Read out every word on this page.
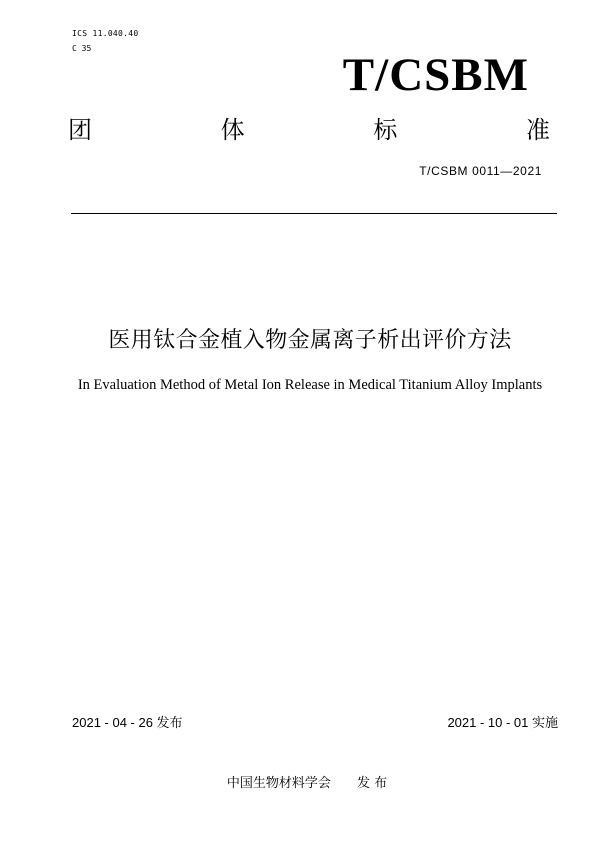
ICS 11.040.40
C 35
T/CSBM
团	体	标	准
T/CSBM 0011—2021
医用钛合金植入物金属离子析出评价方法
In Evaluation Method of Metal Ion Release in Medical Titanium Alloy Implants
2021 - 04 - 26 发布	2021 - 10 - 01 实施
中国生物材料学会 发 布
